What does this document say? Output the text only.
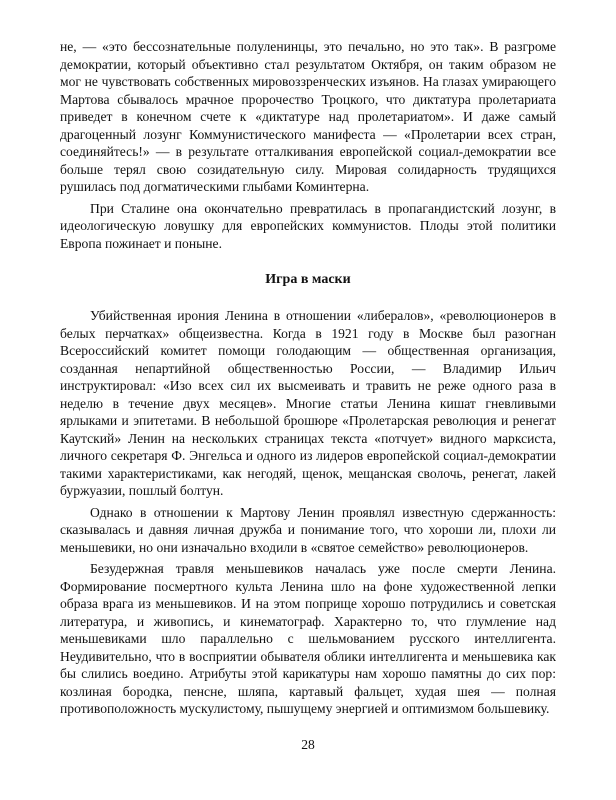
не, — «это бессознательные полуленинцы, это печально, но это так». В разгроме демократии, который объективно стал результатом Октября, он таким образом не мог не чувствовать собственных мировоззренческих изъянов. На глазах умирающего Мартова сбывалось мрачное пророчество Троцкого, что диктатура пролетариата приведет в конечном счете к «диктатуре над пролетариатом». И даже самый драгоценный лозунг Коммунистического манифеста — «Пролетарии всех стран, соединяйтесь!» — в результате отталкивания европейской социал-демократии все больше терял свою созидательную силу. Мировая солидарность трудящихся рушилась под догматическими глыбами Коминтерна.

При Сталине она окончательно превратилась в пропагандистский лозунг, в идеологическую ловушку для европейских коммунистов. Плоды этой политики Европа пожинает и поныне.

Игра в маски

Убийственная ирония Ленина в отношении «либералов», «революционеров в белых перчатках» общеизвестна. Когда в 1921 году в Москве был разогнан Всероссийский комитет помощи голодающим — общественная организация, созданная непартийной общественностью России, — Владимир Ильич инструктировал: «Изо всех сил их высмеивать и травить не реже одного раза в неделю в течение двух месяцев». Многие статьи Ленина кишат гневливыми ярлыками и эпитетами. В небольшой брошюре «Пролетарская революция и ренегат Каутский» Ленин на нескольких страницах текста «потчует» видного марксиста, личного секретаря Ф. Энгельса и одного из лидеров европейской социал-демократии такими характеристиками, как негодяй, щенок, мещанская сволочь, ренегат, лакей буржуазии, пошлый болтун.

Однако в отношении к Мартову Ленин проявлял известную сдержанность: сказывалась и давняя личная дружба и понимание того, что хороши ли, плохи ли меньшевики, но они изначально входили в «святое семейство» революционеров.

Безудержная травля меньшевиков началась уже после смерти Ленина. Формирование посмертного культа Ленина шло на фоне художественной лепки образа врага из меньшевиков. И на этом поприще хорошо потрудились и советская литература, и живопись, и кинематограф. Характерно то, что глумление над меньшевиками шло параллельно с шельмованием русского интеллигента. Неудивительно, что в восприятии обывателя облики интеллигента и меньшевика как бы слились воедино. Атрибуты этой карикатуры нам хорошо памятны до сих пор: козлиная бородка, пенсне, шляпа, картавый фальцет, худая шея — полная противоположность мускулистому, пышущему энергией и оптимизмом большевику.

28
